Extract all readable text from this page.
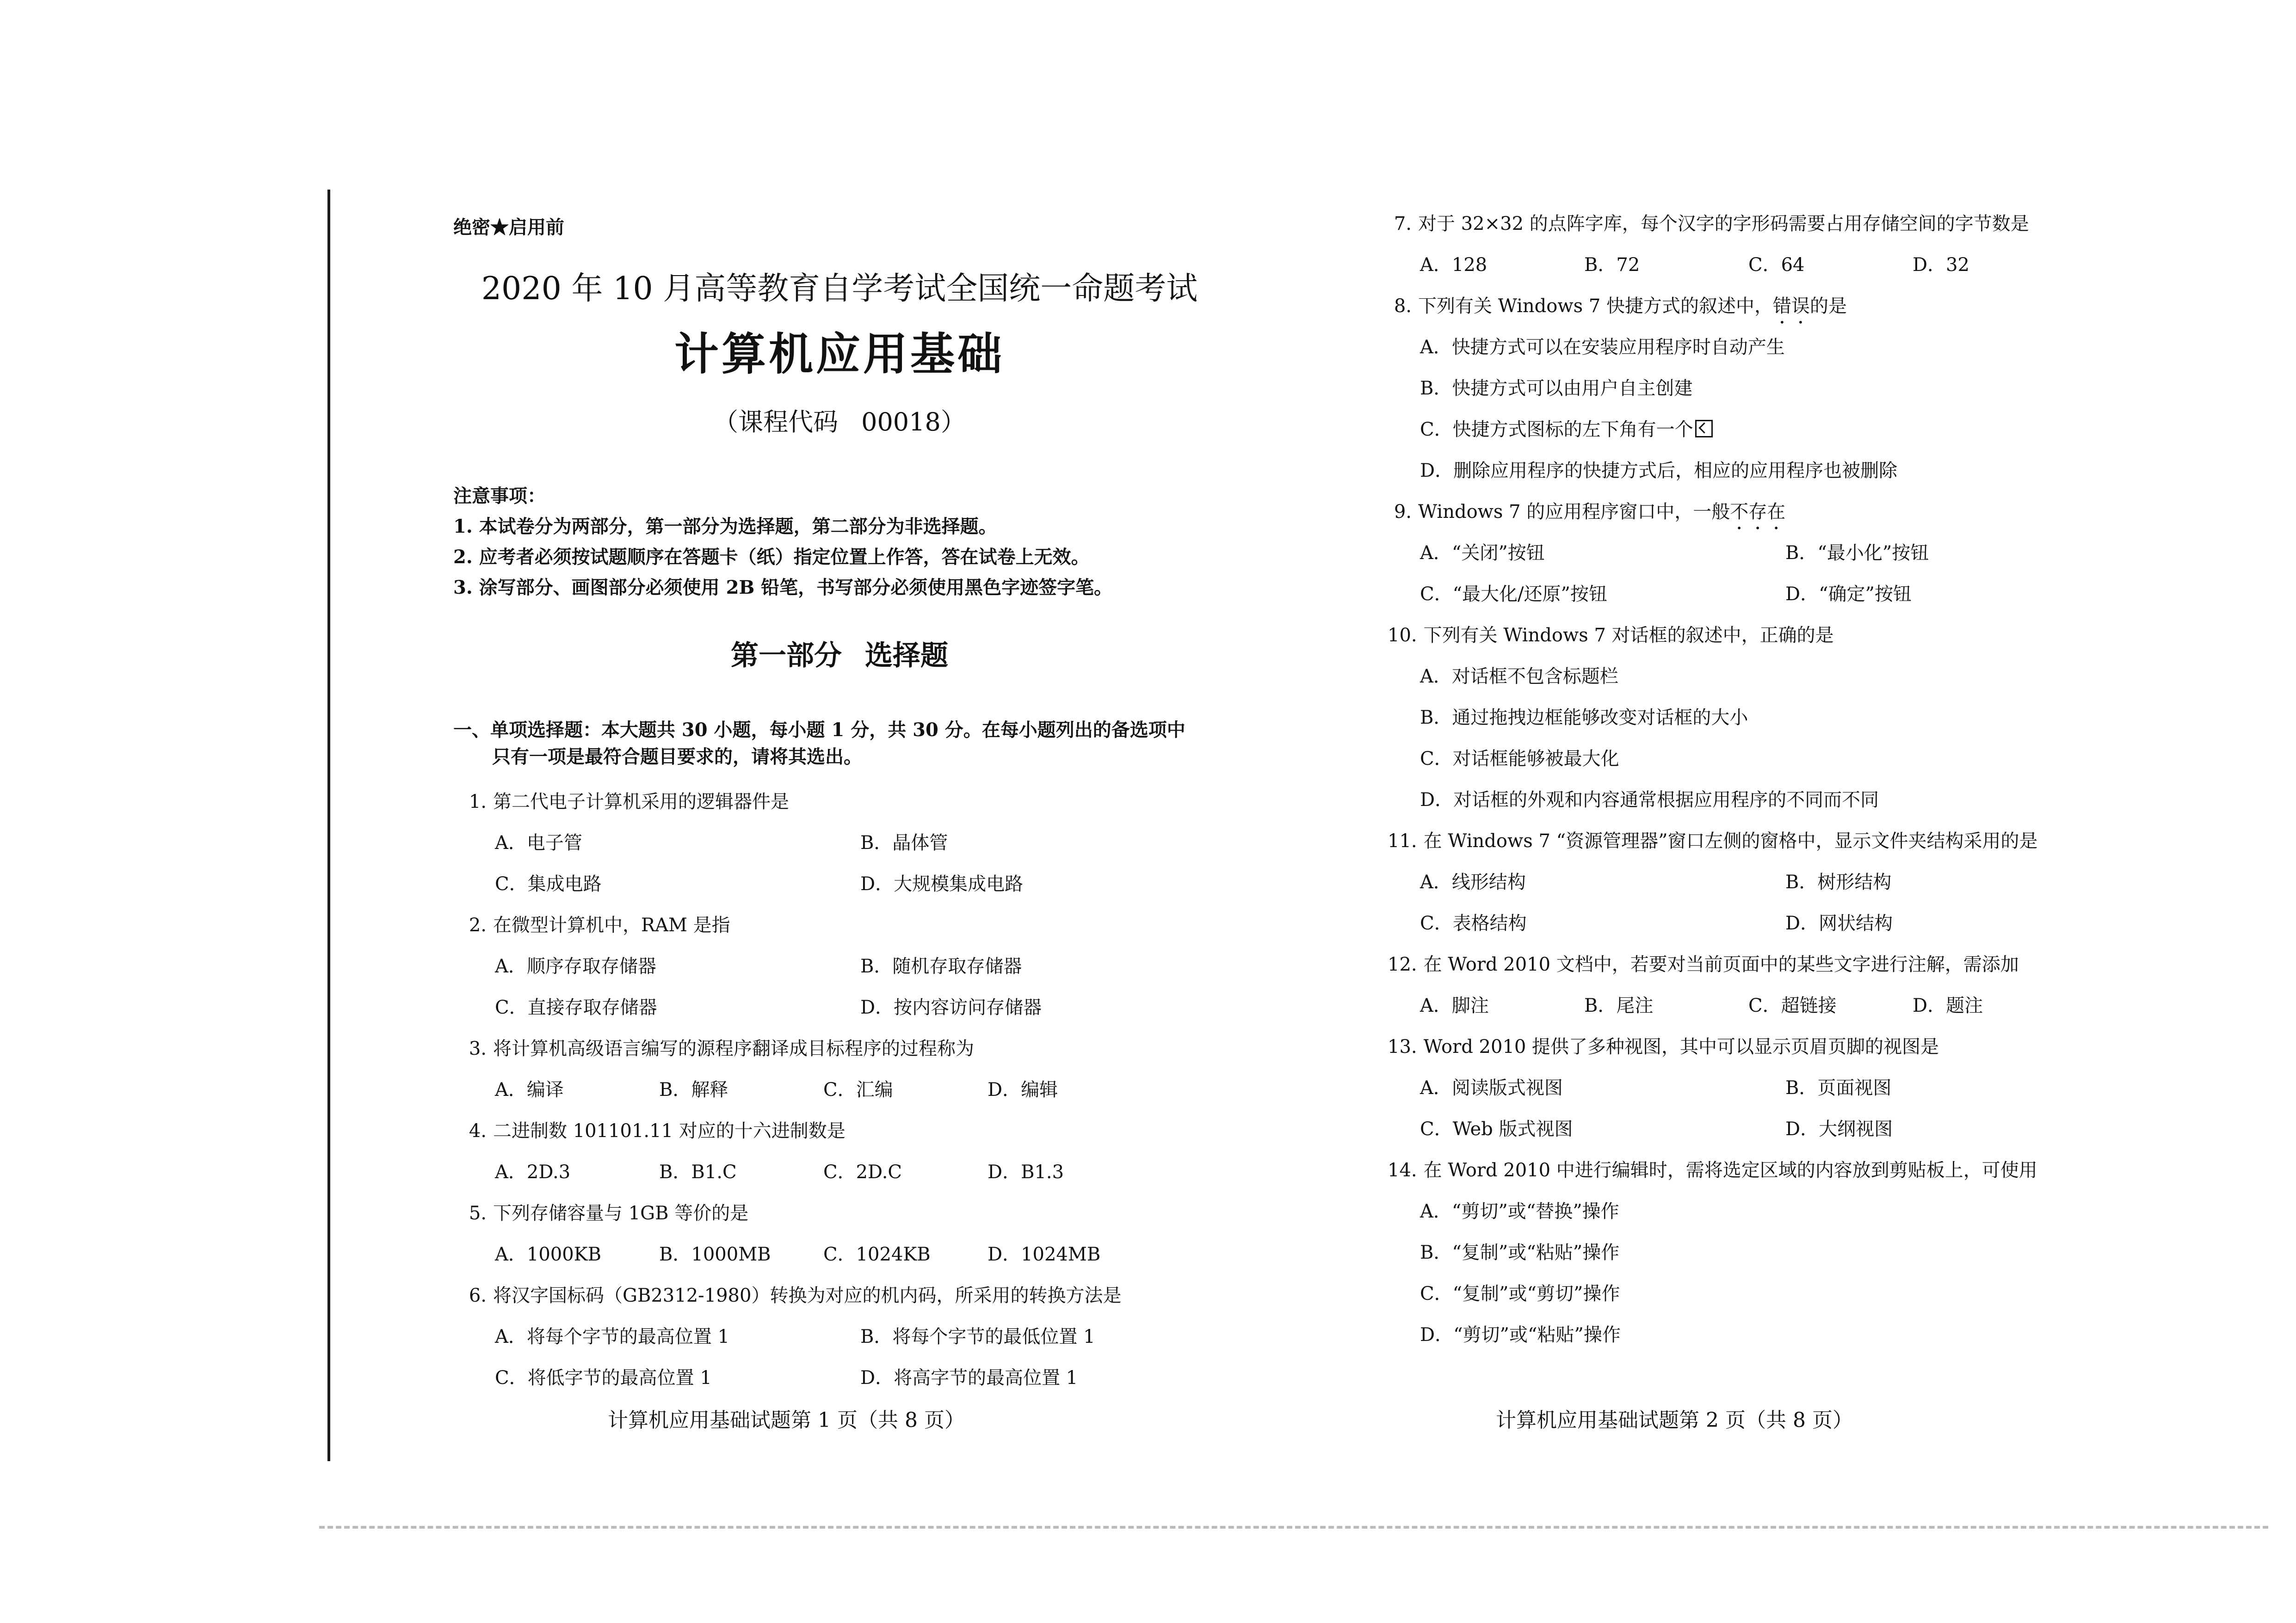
绝密★启用前
2020 年 10 月高等教育自学考试全国统一命题考试
计算机应用基础
（课程代码 00018）
注意事项：
1. 本试卷分为两部分，第一部分为选择题，第二部分为非选择题。
2. 应考者必须按试题顺序在答题卡（纸）指定位置上作答，答在试卷上无效。
3. 涂写部分、画图部分必须使用 2B 铅笔，书写部分必须使用黑色字迹签字笔。
第一部分 选择题
一、单项选择题：本大题共 30 小题，每小题 1 分，共 30 分。在每小题列出的备选项中
只有一项是最符合题目要求的，请将其选出。
1. 第二代电子计算机采用的逻辑器件是
A．电子管	B．晶体管
C．集成电路	D．大规模集成电路
2. 在微型计算机中，RAM 是指
A．顺序存取存储器	B．随机存取存储器
C．直接存取存储器	D．按内容访问存储器
3. 将计算机高级语言编写的源程序翻译成目标程序的过程称为
A．编译	B．解释	C．汇编	D．编辑
4. 二进制数 101101.11 对应的十六进制数是
A．2D.3	B．B1.C	C．2D.C	D．B1.3
5. 下列存储容量与 1GB 等价的是
A．1000KB	B．1000MB	C．1024KB	D．1024MB
6. 将汉字国标码（GB2312-1980）转换为对应的机内码，所采用的转换方法是
A．将每个字节的最高位置 1	B．将每个字节的最低位置 1
C．将低字节的最高位置 1	D．将高字节的最高位置 1
计算机应用基础试题第 1 页（共 8 页）
7. 对于 32×32 的点阵字库，每个汉字的字形码需要占用存储空间的字节数是
A．128	B．72	C．64	D．32
8. 下列有关 Windows 7 快捷方式的叙述中，错误的是
A．快捷方式可以在安装应用程序时自动产生
B．快捷方式可以由用户自主创建
C．快捷方式图标的左下角有一个
D．删除应用程序的快捷方式后，相应的应用程序也被删除
9. Windows 7 的应用程序窗口中，一般不存在
A．“关闭”按钮	B．“最小化”按钮
C．“最大化/还原”按钮	D．“确定”按钮
10. 下列有关 Windows 7 对话框的叙述中，正确的是
A．对话框不包含标题栏
B．通过拖拽边框能够改变对话框的大小
C．对话框能够被最大化
D．对话框的外观和内容通常根据应用程序的不同而不同
11. 在 Windows 7 “资源管理器”窗口左侧的窗格中，显示文件夹结构采用的是
A．线形结构	B．树形结构
C．表格结构	D．网状结构
12. 在 Word 2010 文档中，若要对当前页面中的某些文字进行注解，需添加
A．脚注	B．尾注	C．超链接	D．题注
13. Word 2010 提供了多种视图，其中可以显示页眉页脚的视图是
A．阅读版式视图	B．页面视图
C．Web 版式视图	D．大纲视图
14. 在 Word 2010 中进行编辑时，需将选定区域的内容放到剪贴板上，可使用
A．“剪切”或“替换”操作
B．“复制”或“粘贴”操作
C．“复制”或“剪切”操作
D．“剪切”或“粘贴”操作
计算机应用基础试题第 2 页（共 8 页）
